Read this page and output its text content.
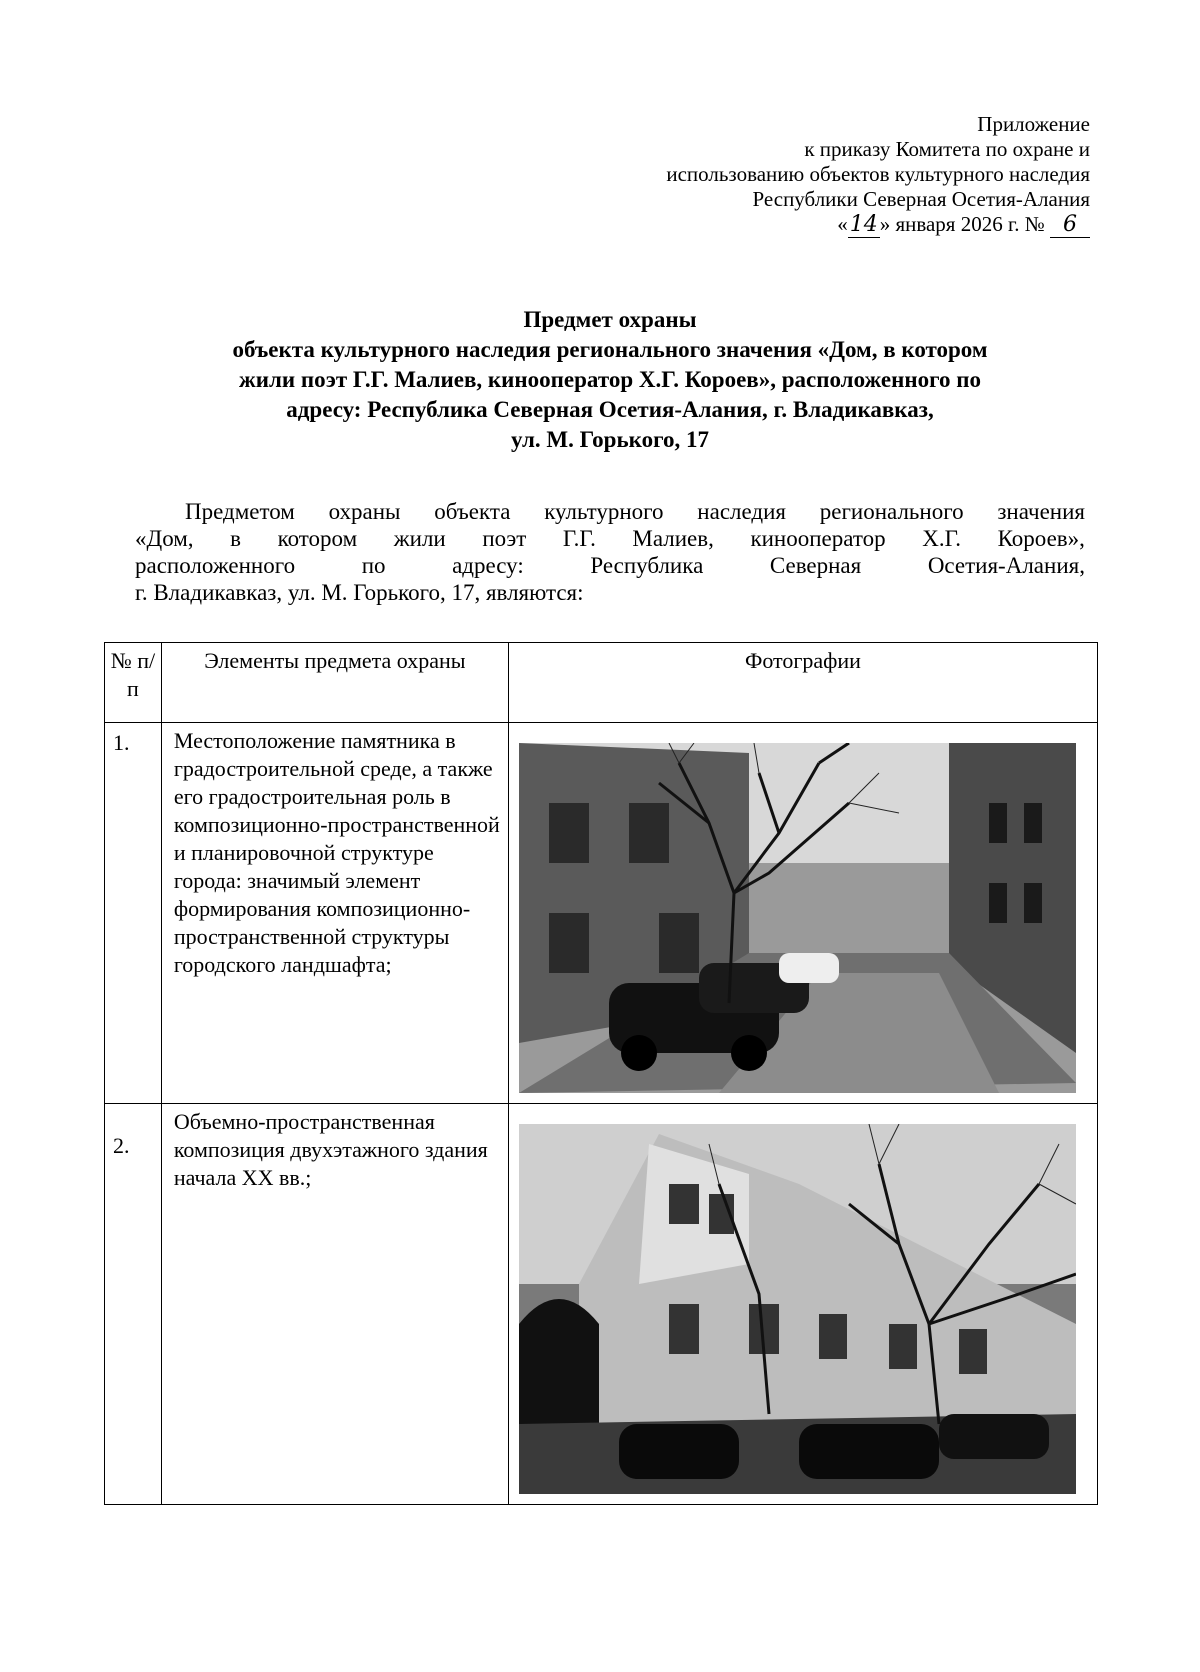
Приложение
к приказу Комитета по охране и
использованию объектов культурного наследия
Республики Северная Осетия-Алания
«14» января 2026 г. № 6
Предмет охраны
объекта культурного наследия регионального значения «Дом, в котором
жили поэт Г.Г. Малиев, кинооператор Х.Г. Короев», расположенного по
адресу: Республика Северная Осетия-Алания, г. Владикавказ,
ул. М. Горького, 17
Предметом охраны объекта культурного наследия регионального значения
«Дом, в котором жили поэт Г.Г. Малиев, кинооператор Х.Г. Короев»,
расположенного	по	адресу:	Республика	Северная	Осетия-Алания,
г. Владикавказ, ул. М. Горького, 17, являются:
№ п/п	Элементы предмета охраны	Фотографии
1.	Местоположение памятника в градостроительной среде, а также его градостроительная роль в композиционно-пространственной и планировочной структуре города: значимый элемент формирования композиционно-пространственной структуры городского ландшафта;	

2.	Объемно-пространственная композиция двухэтажного здания начала XX вв.;	
